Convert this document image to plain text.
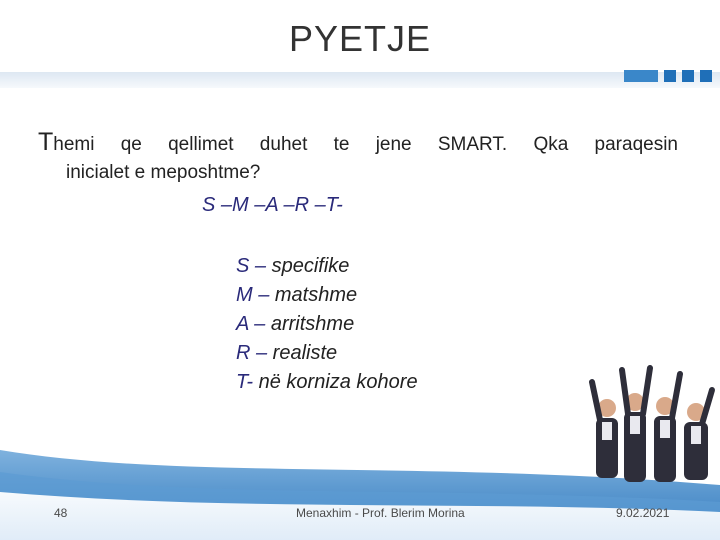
PYETJE
Themi qe qellimet duhet te jene SMART. Qka paraqesin
inicialet e meposhtme?
S –M –A –R –T-
S – specifike
M – matshme
A – arritshme
R – realiste
T- në korniza kohore
48	Menaxhim - Prof. Blerim Morina	9.02.2021
